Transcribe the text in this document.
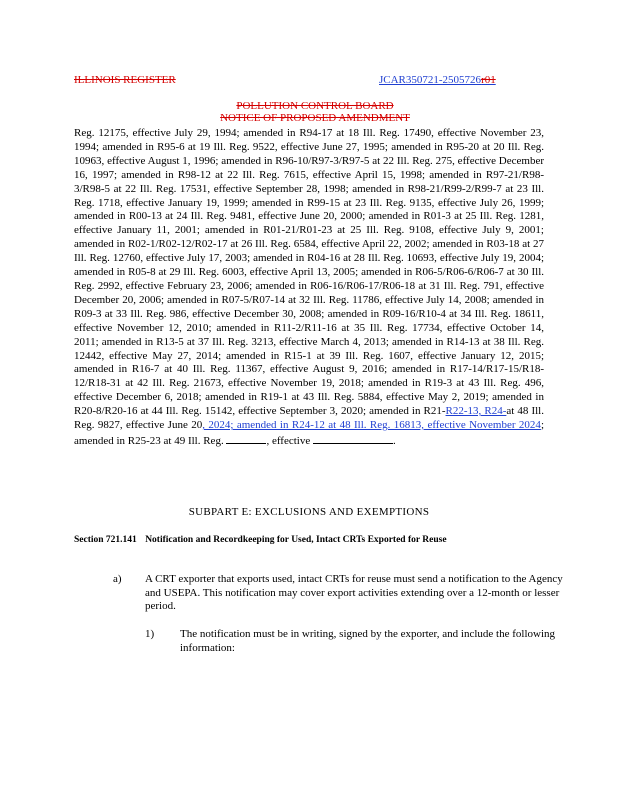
ILLINOIS REGISTER	JCAR350721-2505726r01
POLLUTION CONTROL BOARD
NOTICE OF PROPOSED AMENDMENT
Reg. 12175, effective July 29, 1994; amended in R94-17 at 18 Ill. Reg. 17490, effective November 23, 1994; amended in R95-6 at 19 Ill. Reg. 9522, effective June 27, 1995; amended in R95-20 at 20 Ill. Reg. 10963, effective August 1, 1996; amended in R96-10/R97-3/R97-5 at 22 Ill. Reg. 275, effective December 16, 1997; amended in R98-12 at 22 Ill. Reg. 7615, effective April 15, 1998; amended in R97-21/R98-3/R98-5 at 22 Ill. Reg. 17531, effective September 28, 1998; amended in R98-21/R99-2/R99-7 at 23 Ill. Reg. 1718, effective January 19, 1999; amended in R99-15 at 23 Ill. Reg. 9135, effective July 26, 1999; amended in R00-13 at 24 Ill. Reg. 9481, effective June 20, 2000; amended in R01-3 at 25 Ill. Reg. 1281, effective January 11, 2001; amended in R01-21/R01-23 at 25 Ill. Reg. 9108, effective July 9, 2001; amended in R02-1/R02-12/R02-17 at 26 Ill. Reg. 6584, effective April 22, 2002; amended in R03-18 at 27 Ill. Reg. 12760, effective July 17, 2003; amended in R04-16 at 28 Ill. Reg. 10693, effective July 19, 2004; amended in R05-8 at 29 Ill. Reg. 6003, effective April 13, 2005; amended in R06-5/R06-6/R06-7 at 30 Ill. Reg. 2992, effective February 23, 2006; amended in R06-16/R06-17/R06-18 at 31 Ill. Reg. 791, effective December 20, 2006; amended in R07-5/R07-14 at 32 Ill. Reg. 11786, effective July 14, 2008; amended in R09-3 at 33 Ill. Reg. 986, effective December 30, 2008; amended in R09-16/R10-4 at 34 Ill. Reg. 18611, effective November 12, 2010; amended in R11-2/R11-16 at 35 Ill. Reg. 17734, effective October 14, 2011; amended in R13-5 at 37 Ill. Reg. 3213, effective March 4, 2013; amended in R14-13 at 38 Ill. Reg. 12442, effective May 27, 2014; amended in R15-1 at 39 Ill. Reg. 1607, effective January 12, 2015; amended in R16-7 at 40 Ill. Reg. 11367, effective August 9, 2016; amended in R17-14/R17-15/R18-12/R18-31 at 42 Ill. Reg. 21673, effective November 19, 2018; amended in R19-3 at 43 Ill. Reg. 496, effective December 6, 2018; amended in R19-1 at 43 Ill. Reg. 5884, effective May 2, 2019; amended in R20-8/R20-16 at 44 Ill. Reg. 15142, effective September 3, 2020; amended in R21-R22-13, R24-at 48 Ill. Reg. 9827, effective June 20, 2024; amended in R24-12 at 48 Ill. Reg. 16813, effective November 2024; amended in R25-23 at 49 Ill. Reg.	, effective	.
SUBPART E: EXCLUSIONS AND EXEMPTIONS
Section 721.141 Notification and Recordkeeping for Used, Intact CRTs Exported for Reuse
a) A CRT exporter that exports used, intact CRTs for reuse must send a notification to the Agency and USEPA. This notification may cover export activities extending over a 12-month or lesser period.
1) The notification must be in writing, signed by the exporter, and include the following information:
